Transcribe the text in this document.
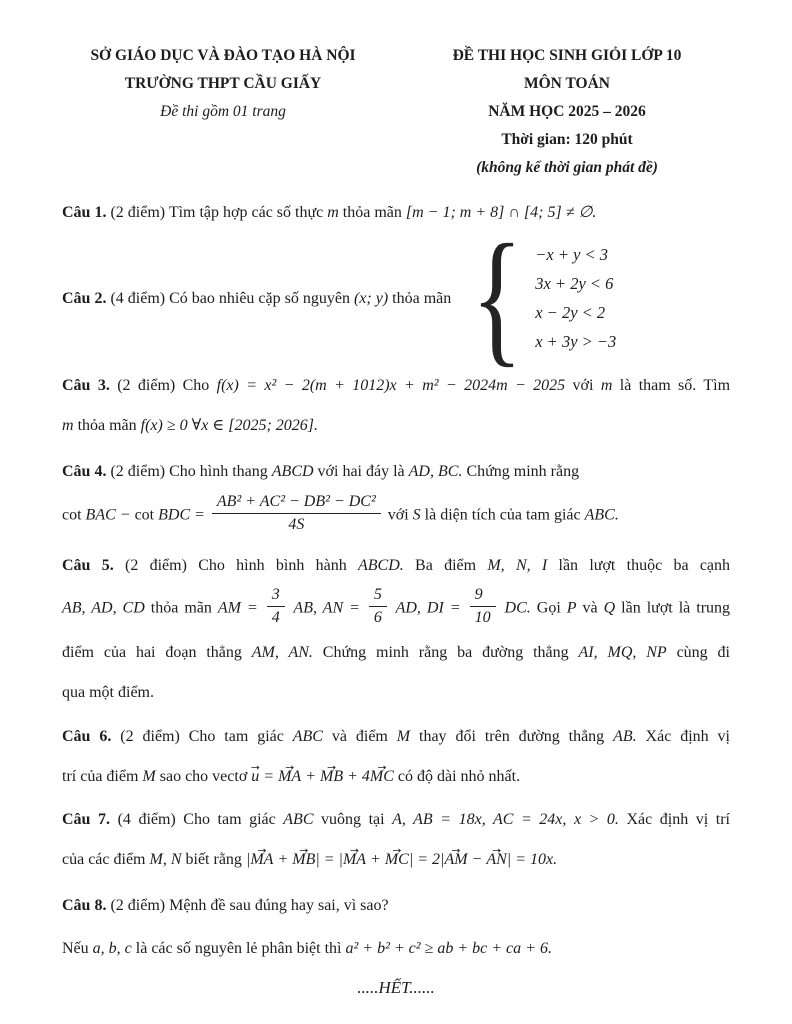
SỞ GIÁO DỤC VÀ ĐÀO TẠO HÀ NỘI
TRƯỜNG THPT CẦU GIẤY
Đề thi gồm 01 trang
ĐỀ THI HỌC SINH GIỎI LỚP 10
MÔN TOÁN
NĂM HỌC 2025 – 2026
Thời gian: 120 phút
(không kể thời gian phát đề)

Câu 1. (2 điểm) Tìm tập hợp các số thực m thỏa mãn [m − 1; m + 8] ∩ [4; 5] ≠ ∅.

Câu 2. (4 điểm) Có bao nhiêu cặp số nguyên (x; y) thỏa mãn { −x + y < 3
3x + 2y < 6
x − 2y < 2
x + 3y > −3

Câu 3. (2 điểm) Cho f(x) = x² − 2(m + 1012)x + m² − 2024m − 2025 với m là tham số. Tìm

m thỏa mãn f(x) ≥ 0 ∀x ∈ [2025; 2026].

Câu 4. (2 điểm) Cho hình thang ABCD với hai đáy là AD, BC. Chứng minh rằng

cot BAC − cot BDC = $\frac{\text{AB² + AC² − DB² − DC²}}{4S}$ với S là diện tích của tam giác ABC.

Câu 5. (2 điểm) Cho hình bình hành ABCD. Ba điểm M, N, I lần lượt thuộc ba cạnh

AB, AD, CD thỏa mãn AM = $\frac{3}{4}$ AB, AN = $\frac{5}{6}$ AD, DI = $\frac{9}{10}$ DC. Gọi P và Q lần lượt là trung

điểm của hai đoạn thẳng AM, AN. Chứng minh rằng ba đường thẳng AI, MQ, NP cùng đi

qua một điểm.

Câu 6. (2 điểm) Cho tam giác ABC và điểm M thay đổi trên đường thẳng AB. Xác định vị

trí của điểm M sao cho vectơ u → = MA → + MB → + 4MC → có độ dài nhỏ nhất.

Câu 7. (4 điểm) Cho tam giác ABC vuông tại A, AB = 18x, AC = 24x, x > 0. Xác định vị trí

của các điểm M, N biết rằng |MA → + MB →| = |MA → + MC →| = 2|AM → − AN →| = 10x.

Câu 8. (2 điểm) Mệnh đề sau đúng hay sai, vì sao?

Nếu a, b, c là các số nguyên lẻ phân biệt thì a² + b² + c² ≥ ab + bc + ca + 6.

.....HẾT......
